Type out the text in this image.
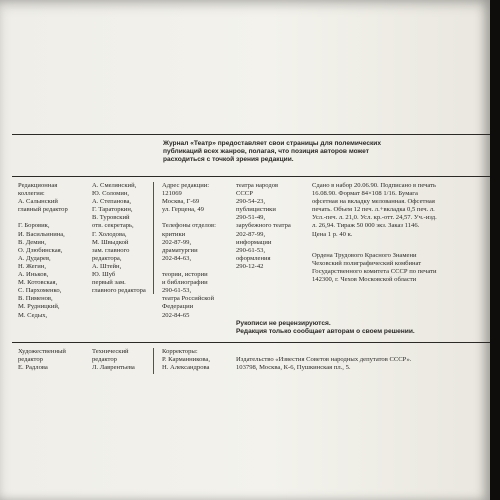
Журнал «Театр» предоставляет свои страницы для полемических
публикаций всех жанров, полагая, что позиция авторов может
расходиться с точкой зрения редакции.
Редакционная
коллегия:
А. Салынский
главный редактор

Г. Боровик,
И. Васильинина,
В. Демин,
О. Дзюбинская,
А. Дударев,
Н. Жегин,
А. Иньков,
М. Котовская,
С. Пархоменко,
В. Пименов,
М. Рудницкий,
М. Седых,
А. Смелянский,
Ю. Соломин,
А. Степанова,
Г. Тараторкин,
В. Туровский
отв. секретарь,
Г. Холодова,
М. Швыдкой
зам. главного
редактора,
А. Штейн,
Ю. Шуб
первый зам.
главного редактора
Адрес редакции:
121069
Москва, Г-69
ул. Герцена, 49

Телефоны отделов:
критики
202-87-99,
драматургии
202-84-63,

теории, истории
и библиографии
290-61-53,
театра Российской
Федерации
202-84-65
театра народов
СССР
290-54-23,
публицистики
290-51-49,
зарубежного театра
202-87-99,
информации
290-61-53,
оформления
290-12-42
Сдано в набор 20.06.90. Подписано в печать
16.08.90. Формат 84×108 1/16. Бумага
офсетная на вкладку мелованная. Офсетная
печать. Объем 12 печ. л.+вкладка 0,5 печ. л.
Усл.-печ. л. 21,0. Усл. кр.-отт. 24,57. Уч.-изд.
л. 26,94. Тираж 50 000 экз. Заказ 1146.
Цена 1 р. 40 к.
Ордена Трудового Красного Знамени
Чеховский полиграфический комбинат
Государственного комитета СССР по печати
142300, г. Чехов Московской области
Рукописи не рецензируются.
Редакция только сообщает авторам о своем решении.
Художественный
редактор
Е. Радлова
Технический
редактор
Л. Лаврентьева
Корректоры:
Р. Карманникова,
Н. Александрова
Издательство «Известия Советов народных депутатов СССР».
103798, Москва, К-6, Пушкинская пл., 5.
